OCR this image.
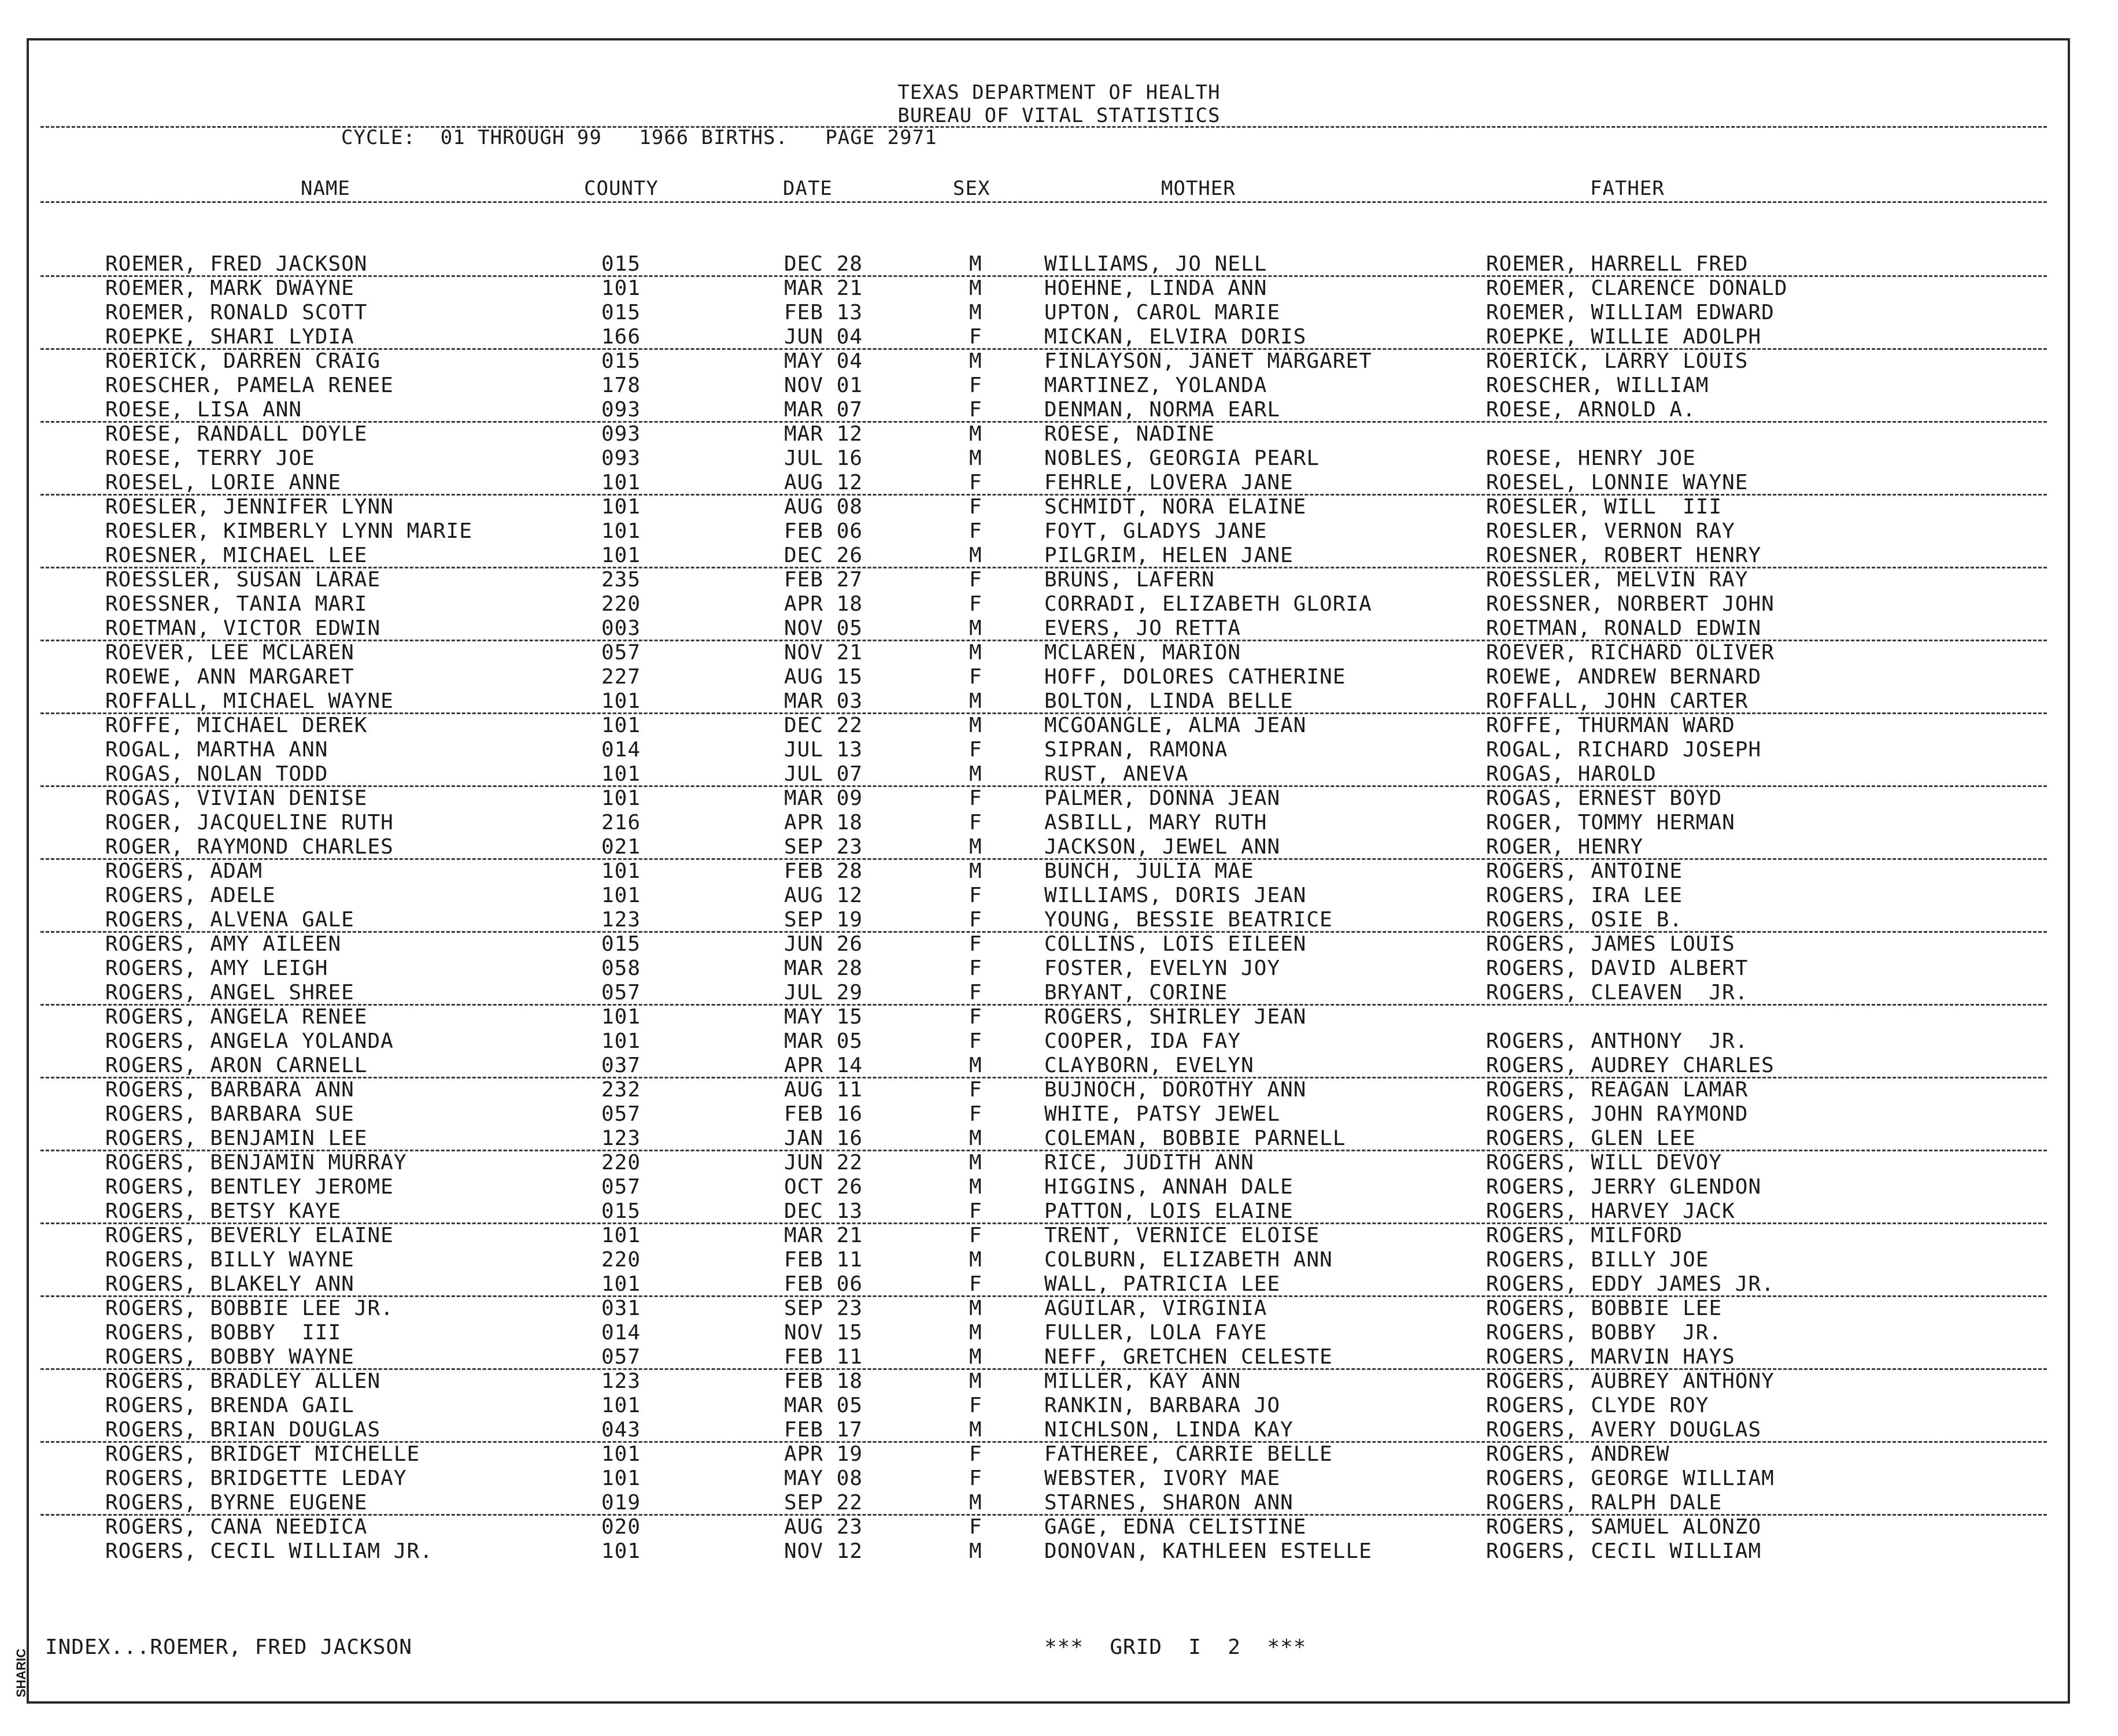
TEXAS DEPARTMENT OF HEALTH
BUREAU OF VITAL STATISTICS
CYCLE:  01 THROUGH 99   1966 BIRTHS.   PAGE 2971
NAME	COUNTY	DATE	SEX	MOTHER	FATHER
ROEMER, FRED JACKSON	015	DEC 28	M	WILLIAMS, JO NELL	ROEMER, HARRELL FRED
ROEMER, MARK DWAYNE	101	MAR 21	M	HOEHNE, LINDA ANN	ROEMER, CLARENCE DONALD
ROEMER, RONALD SCOTT	015	FEB 13	M	UPTON, CAROL MARIE	ROEMER, WILLIAM EDWARD
ROEPKE, SHARI LYDIA	166	JUN 04	F	MICKAN, ELVIRA DORIS	ROEPKE, WILLIE ADOLPH
ROERICK, DARREN CRAIG	015	MAY 04	M	FINLAYSON, JANET MARGARET	ROERICK, LARRY LOUIS
ROESCHER, PAMELA RENEE	178	NOV 01	F	MARTINEZ, YOLANDA	ROESCHER, WILLIAM
ROESE, LISA ANN	093	MAR 07	F	DENMAN, NORMA EARL	ROESE, ARNOLD A.
ROESE, RANDALL DOYLE	093	MAR 12	M	ROESE, NADINE
ROESE, TERRY JOE	093	JUL 16	M	NOBLES, GEORGIA PEARL	ROESE, HENRY JOE
ROESEL, LORIE ANNE	101	AUG 12	F	FEHRLE, LOVERA JANE	ROESEL, LONNIE WAYNE
ROESLER, JENNIFER LYNN	101	AUG 08	F	SCHMIDT, NORA ELAINE	ROESLER, WILL  III
ROESLER, KIMBERLY LYNN MARIE	101	FEB 06	F	FOYT, GLADYS JANE	ROESLER, VERNON RAY
ROESNER, MICHAEL LEE	101	DEC 26	M	PILGRIM, HELEN JANE	ROESNER, ROBERT HENRY
ROESSLER, SUSAN LARAE	235	FEB 27	F	BRUNS, LAFERN	ROESSLER, MELVIN RAY
ROESSNER, TANIA MARI	220	APR 18	F	CORRADI, ELIZABETH GLORIA	ROESSNER, NORBERT JOHN
ROETMAN, VICTOR EDWIN	003	NOV 05	M	EVERS, JO RETTA	ROETMAN, RONALD EDWIN
ROEVER, LEE MCLAREN	057	NOV 21	M	MCLAREN, MARION	ROEVER, RICHARD OLIVER
ROEWE, ANN MARGARET	227	AUG 15	F	HOFF, DOLORES CATHERINE	ROEWE, ANDREW BERNARD
ROFFALL, MICHAEL WAYNE	101	MAR 03	M	BOLTON, LINDA BELLE	ROFFALL, JOHN CARTER
ROFFE, MICHAEL DEREK	101	DEC 22	M	MCGOANGLE, ALMA JEAN	ROFFE, THURMAN WARD
ROGAL, MARTHA ANN	014	JUL 13	F	SIPRAN, RAMONA	ROGAL, RICHARD JOSEPH
ROGAS, NOLAN TODD	101	JUL 07	M	RUST, ANEVA	ROGAS, HAROLD
ROGAS, VIVIAN DENISE	101	MAR 09	F	PALMER, DONNA JEAN	ROGAS, ERNEST BOYD
ROGER, JACQUELINE RUTH	216	APR 18	F	ASBILL, MARY RUTH	ROGER, TOMMY HERMAN
ROGER, RAYMOND CHARLES	021	SEP 23	M	JACKSON, JEWEL ANN	ROGER, HENRY
ROGERS, ADAM	101	FEB 28	M	BUNCH, JULIA MAE	ROGERS, ANTOINE
ROGERS, ADELE	101	AUG 12	F	WILLIAMS, DORIS JEAN	ROGERS, IRA LEE
ROGERS, ALVENA GALE	123	SEP 19	F	YOUNG, BESSIE BEATRICE	ROGERS, OSIE B.
ROGERS, AMY AILEEN	015	JUN 26	F	COLLINS, LOIS EILEEN	ROGERS, JAMES LOUIS
ROGERS, AMY LEIGH	058	MAR 28	F	FOSTER, EVELYN JOY	ROGERS, DAVID ALBERT
ROGERS, ANGEL SHREE	057	JUL 29	F	BRYANT, CORINE	ROGERS, CLEAVEN  JR.
ROGERS, ANGELA RENEE	101	MAY 15	F	ROGERS, SHIRLEY JEAN
ROGERS, ANGELA YOLANDA	101	MAR 05	F	COOPER, IDA FAY	ROGERS, ANTHONY  JR.
ROGERS, ARON CARNELL	037	APR 14	M	CLAYBORN, EVELYN	ROGERS, AUDREY CHARLES
ROGERS, BARBARA ANN	232	AUG 11	F	BUJNOCH, DOROTHY ANN	ROGERS, REAGAN LAMAR
ROGERS, BARBARA SUE	057	FEB 16	F	WHITE, PATSY JEWEL	ROGERS, JOHN RAYMOND
ROGERS, BENJAMIN LEE	123	JAN 16	M	COLEMAN, BOBBIE PARNELL	ROGERS, GLEN LEE
ROGERS, BENJAMIN MURRAY	220	JUN 22	M	RICE, JUDITH ANN	ROGERS, WILL DEVOY
ROGERS, BENTLEY JEROME	057	OCT 26	M	HIGGINS, ANNAH DALE	ROGERS, JERRY GLENDON
ROGERS, BETSY KAYE	015	DEC 13	F	PATTON, LOIS ELAINE	ROGERS, HARVEY JACK
ROGERS, BEVERLY ELAINE	101	MAR 21	F	TRENT, VERNICE ELOISE	ROGERS, MILFORD
ROGERS, BILLY WAYNE	220	FEB 11	M	COLBURN, ELIZABETH ANN	ROGERS, BILLY JOE
ROGERS, BLAKELY ANN	101	FEB 06	F	WALL, PATRICIA LEE	ROGERS, EDDY JAMES JR.
ROGERS, BOBBIE LEE JR.	031	SEP 23	M	AGUILAR, VIRGINIA	ROGERS, BOBBIE LEE
ROGERS, BOBBY  III	014	NOV 15	M	FULLER, LOLA FAYE	ROGERS, BOBBY  JR.
ROGERS, BOBBY WAYNE	057	FEB 11	M	NEFF, GRETCHEN CELESTE	ROGERS, MARVIN HAYS
ROGERS, BRADLEY ALLEN	123	FEB 18	M	MILLER, KAY ANN	ROGERS, AUBREY ANTHONY
ROGERS, BRENDA GAIL	101	MAR 05	F	RANKIN, BARBARA JO	ROGERS, CLYDE ROY
ROGERS, BRIAN DOUGLAS	043	FEB 17	M	NICHLSON, LINDA KAY	ROGERS, AVERY DOUGLAS
ROGERS, BRIDGET MICHELLE	101	APR 19	F	FATHEREE, CARRIE BELLE	ROGERS, ANDREW
ROGERS, BRIDGETTE LEDAY	101	MAY 08	F	WEBSTER, IVORY MAE	ROGERS, GEORGE WILLIAM
ROGERS, BYRNE EUGENE	019	SEP 22	M	STARNES, SHARON ANN	ROGERS, RALPH DALE
ROGERS, CANA NEEDICA	020	AUG 23	F	GAGE, EDNA CELISTINE	ROGERS, SAMUEL ALONZO
ROGERS, CECIL WILLIAM JR.	101	NOV 12	M	DONOVAN, KATHLEEN ESTELLE	ROGERS, CECIL WILLIAM
INDEX...ROEMER, FRED JACKSON	***  GRID  I  2  ***
SHARIC
